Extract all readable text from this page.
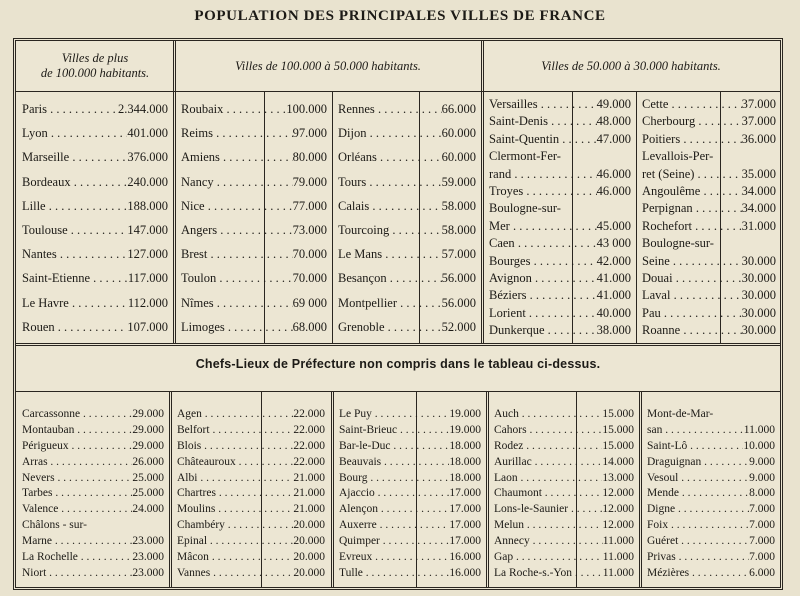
POPULATION DES PRINCIPALES VILLES DE FRANCE
Villes de plus
de 100.000 habitants.
Villes de 100.000 à 50.000 habitants.	Villes de 50.000 à 30.000 habitants.
Paris . . .	2.344.000
Lyon . . .	401.000
Marseille . . .	376.000
Bordeaux . . .	240.000
Lille . . .	188.000
Toulouse . . .	147.000
Nantes . . .	127.000
Saint-Etienne . . .	117.000
Le Havre . . .	112.000
Rouen . . .	107.000
Roubaix . . .	100.000
Reims . . .	97.000
Amiens . . .	80.000
Nancy . . .	79.000
Nice . . .	77.000
Angers . . .	73.000
Brest . . .	70.000
Toulon . . .	70.000
Nîmes . . .	69 000
Limoges . . .	68.000
Rennes . . .	66.000
Dijon . . .	60.000
Orléans . . .	60.000
Tours . . .	59.000
Calais . . .	58.000
Tourcoing . . .	58.000
Le Mans . . .	57.000
Besançon . . .	56.000
Montpellier . . .	56.000
Grenoble . . .	52.000
Versailles . . .	49.000
Saint-Denis . . .	48.000
Saint-Quentin . . .	47.000
Clermont-Fer-
rand . . .	46.000
Troyes . . .	46.000
Boulogne-sur-
Mer . . .	45.000
Caen . . .	43 000
Bourges . . .	42.000
Avignon . . .	41.000
Béziers . . .	41.000
Lorient . . .	40.000
Dunkerque . . .	38.000
Cette . . .	37.000
Cherbourg . . .	37.000
Poitiers . . .	36.000
Levallois-Per-
ret (Seine) . . .	35.000
Angoulême . . .	34.000
Perpignan . . .	34.000
Rochefort . . .	31.000
Boulogne-sur-
Seine . . .	30.000
Douai . . .	30.000
Laval . . .	30.000
Pau . . .	30.000
Roanne . . .	30.000
Chefs-Lieux de Préfecture non compris dans le tableau ci-dessus.
Carcassonne . . .	29.000
Montauban . . .	29.000
Périgueux . . .	29.000
Arras . . .	26.000
Nevers . . .	25.000
Tarbes . . .	25.000
Valence . . .	24.000
Châlons - sur-
Marne . . .	23.000
La Rochelle . . .	23.000
Niort . . .	23.000
Agen . . .	22.000
Belfort . . .	22.000
Blois . . .	22.000
Châteauroux . . .	22.000
Albi . . .	21.000
Chartres . . .	21.000
Moulins . . .	21.000
Chambéry . . .	20.000
Epinal . . .	20.000
Mâcon . . .	20.000
Vannes . . .	20.000
Le Puy . . .	19.000
Saint-Brieuc . . .	19.000
Bar-le-Duc . . .	18.000
Beauvais . . .	18.000
Bourg . . .	18.000
Ajaccio . . .	17.000
Alençon . . .	17.000
Auxerre . . .	17.000
Quimper . . .	17.000
Evreux . . .	16.000
Tulle . . .	16.000
Auch . . .	15.000
Cahors . . .	15.000
Rodez . . .	15.000
Aurillac . . .	14.000
Laon . . .	13.000
Chaumont . . .	12.000
Lons-le-Saunier . . .	12.000
Melun . . .	12.000
Annecy . . .	11.000
Gap . . .	11.000
La Roche-s.-Yon . . .	11.000
Mont-de-Mar-
san . . .	11.000
Saint-Lô . . .	10.000
Draguignan . . .	9.000
Vesoul . . .	9.000
Mende . . .	8.000
Digne . . .	7.000
Foix . . .	7.000
Guéret . . .	7.000
Privas . . .	7.000
Mézières . . .	6.000
